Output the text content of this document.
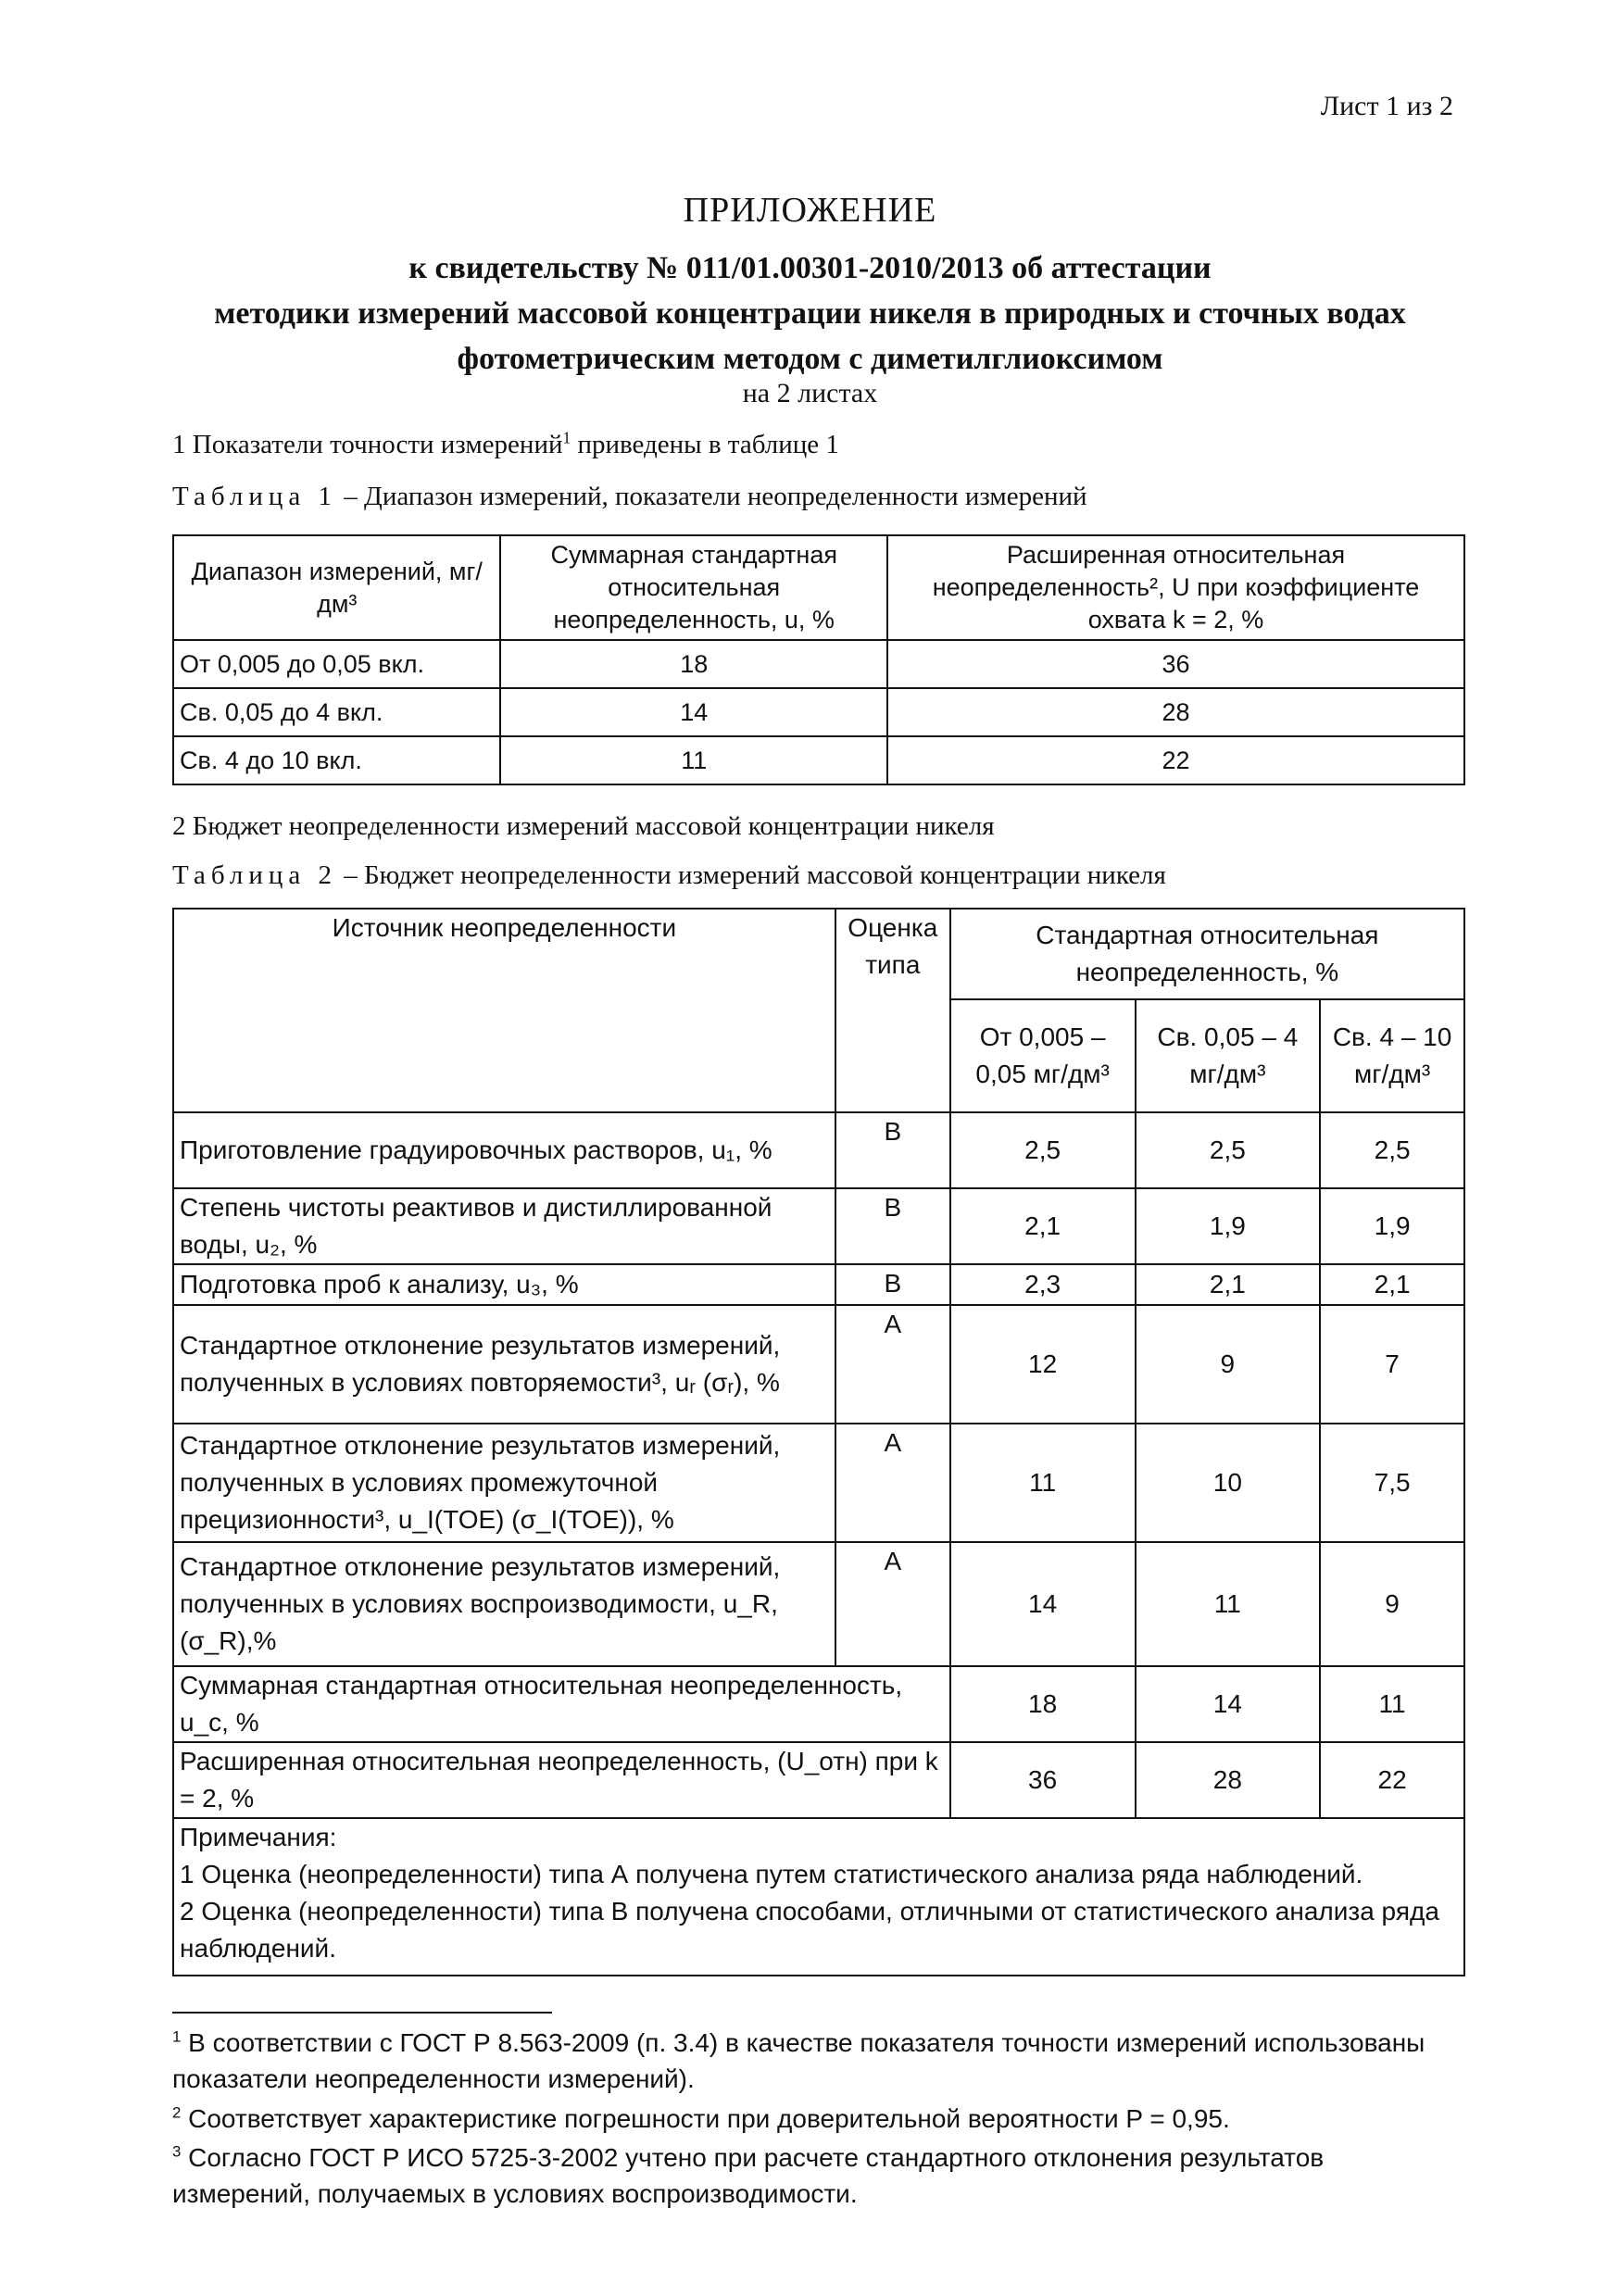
Лист 1 из 2
ПРИЛОЖЕНИЕ
к свидетельству № 011/01.00301-2010/2013 об аттестации
методики измерений массовой концентрации никеля в природных и сточных водах
фотометрическим методом с диметилглиоксимом
на 2 листах
1 Показатели точности измерений$^1$ приведены в таблице 1
Таблица 1 – Диапазон измерений, показатели неопределенности измерений
Диапазон измерений, мг/дм³	Суммарная стандартная относительная неопределенность, u, %	Расширенная относительная неопределенность², U при коэффициенте охвата k = 2, %
От 0,005 до 0,05 вкл.	18	36
Св. 0,05 до 4 вкл.	14	28
Св. 4 до 10 вкл.	11	22
2 Бюджет неопределенности измерений массовой концентрации никеля
Таблица 2 – Бюджет неопределенности измерений массовой концентрации никеля
Источник неопределенности	Оценка типа	Стандартная относительная неопределенность, %		
		От 0,005 – 0,05 мг/дм³	Св. 0,05 – 4 мг/дм³	Св. 4 – 10 мг/дм³
Приготовление градуировочных растворов, u₁, %	B	2,5	2,5	2,5
Степень чистоты реактивов и дистиллированной воды, u₂, %	B	2,1	1,9	1,9
Подготовка проб к анализу, u₃, %	B	2,3	2,1	2,1
Стандартное отклонение результатов измерений, полученных в условиях повторяемости³, uᵣ (σᵣ), %	A	12	9	7
Стандартное отклонение результатов измерений, полученных в условиях промежуточной прецизионности³, u_I(TOE) (σ_I(TOE)), %	A	11	10	7,5
Стандартное отклонение результатов измерений, полученных в условиях воспроизводимости, u_R, (σ_R),%	A	14	11	9
Суммарная стандартная относительная неопределенность, u_c, %		18	14	11
Расширенная относительная неопределенность, (U_отн) при k = 2, %		36	28	22

Примечания:
1 Оценка (неопределенности) типа А получена путем статистического анализа ряда наблюдений.
2 Оценка (неопределенности) типа В получена способами, отличными от статистического анализа ряда наблюдений.				
$^1$ В соответствии с ГОСТ Р 8.563-2009 (п. 3.4) в качестве показателя точности измерений использованы показатели неопределенности измерений).
$^2$ Соответствует характеристике погрешности при доверительной вероятности P = 0,95.
$^3$ Согласно ГОСТ Р ИСО 5725-3-2002 учтено при расчете стандартного отклонения результатов измерений, получаемых в условиях воспроизводимости.
